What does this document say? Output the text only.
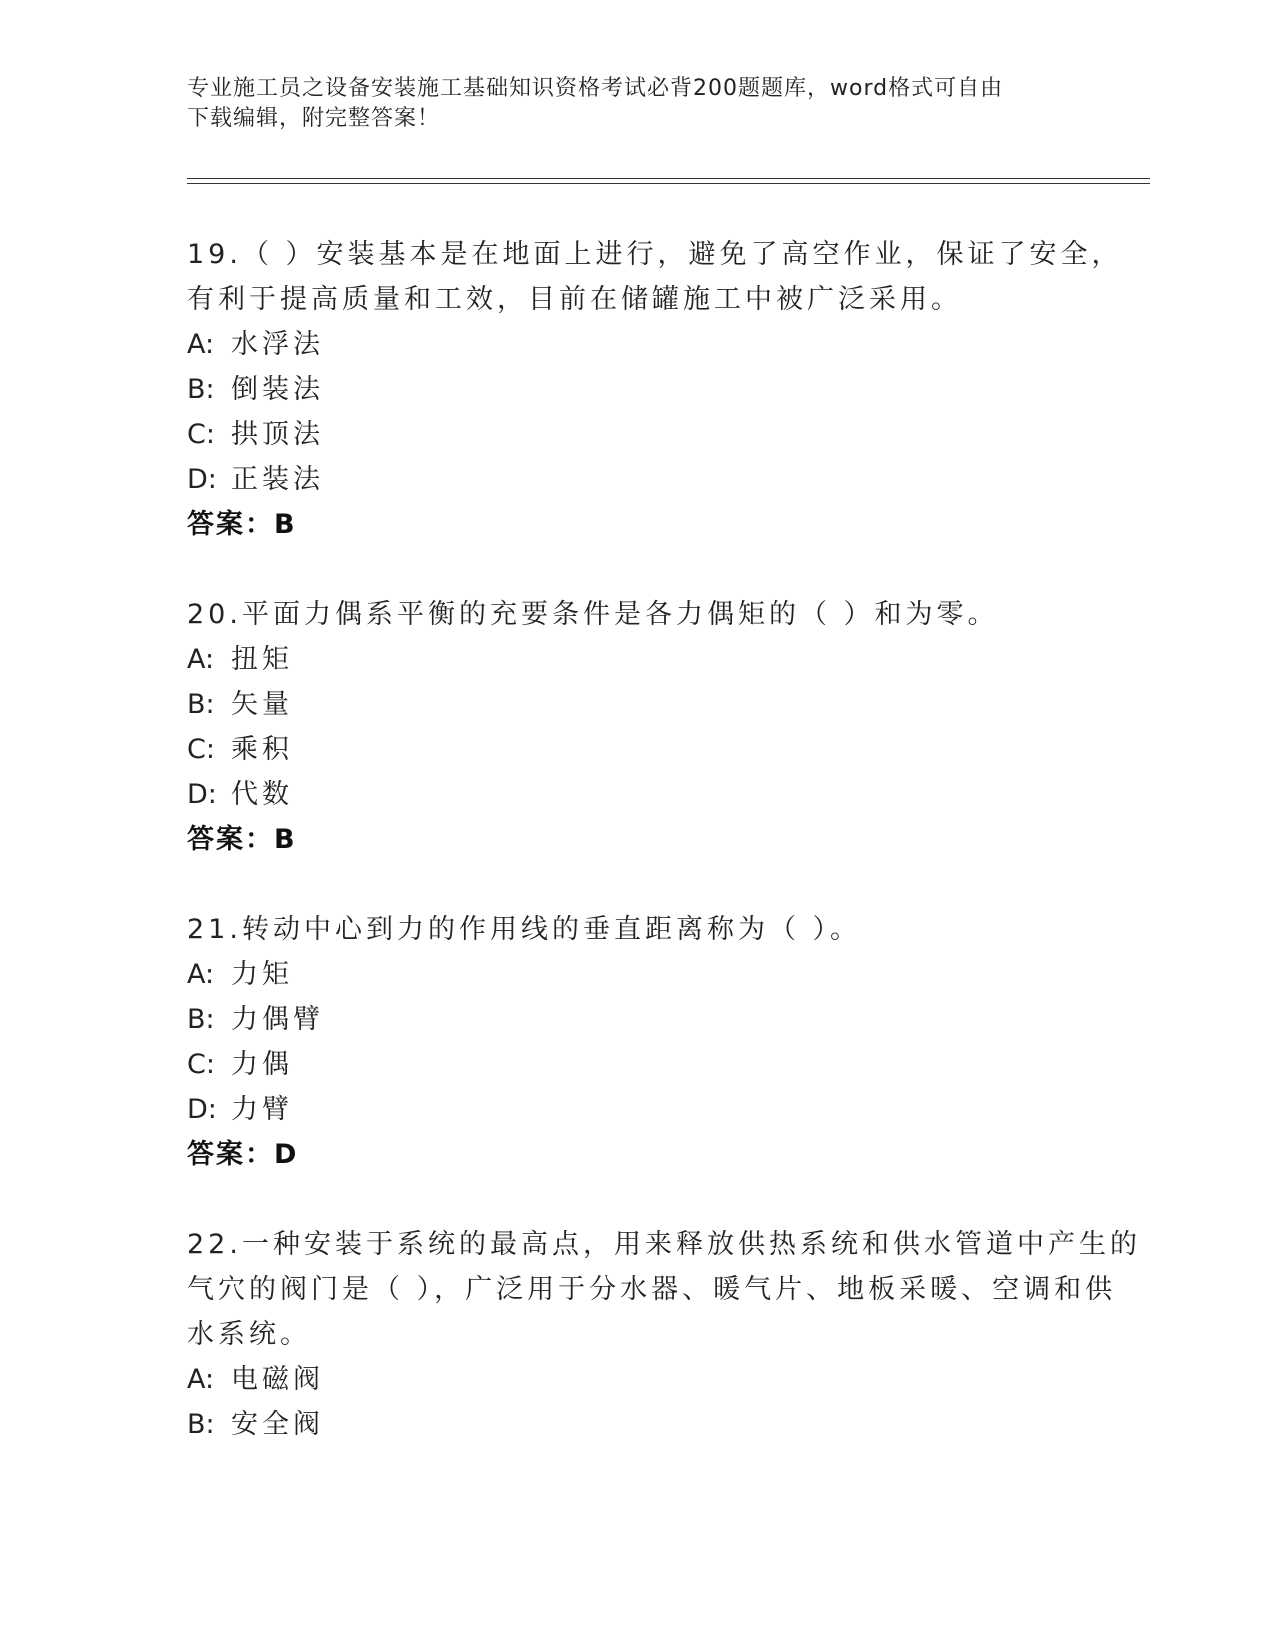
专业施工员之设备安装施工基础知识资格考试必背200题题库，word格式可自由
下载编辑，附完整答案！
19.（ ）安装基本是在地面上进行，避免了高空作业，保证了安全，
有利于提高质量和工效，目前在储罐施工中被广泛采用。
A: 水浮法
B: 倒装法
C: 拱顶法
D: 正装法
答案：B
20.平面力偶系平衡的充要条件是各力偶矩的（ ）和为零。
A: 扭矩
B: 矢量
C: 乘积
D: 代数
答案：B
21.转动中心到力的作用线的垂直距离称为（ ）。
A: 力矩
B: 力偶臂
C: 力偶
D: 力臂
答案：D
22.一种安装于系统的最高点，用来释放供热系统和供水管道中产生的
气穴的阀门是（ ），广泛用于分水器、暖气片、地板采暖、空调和供
水系统。
A: 电磁阀
B: 安全阀
